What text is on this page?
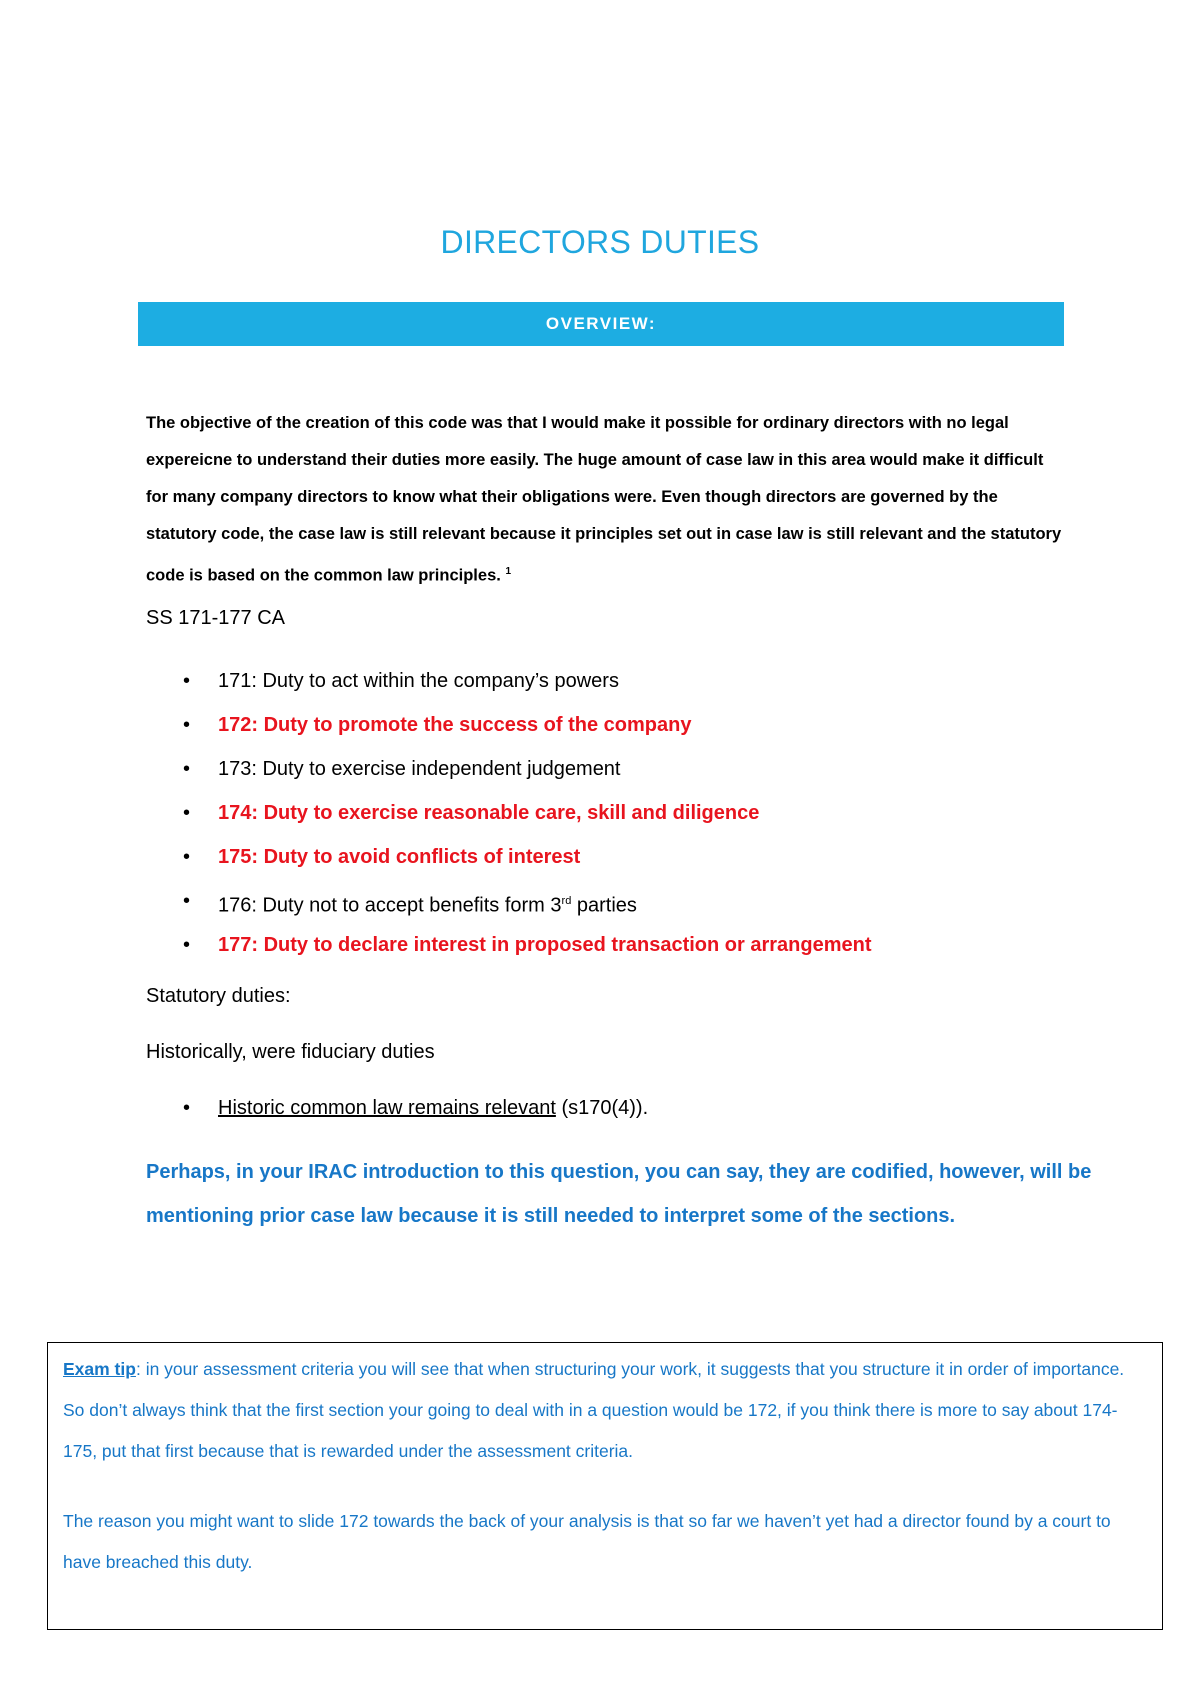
DIRECTORS DUTIES
OVERVIEW:

The objective of the creation of this code was that I would make it possible for ordinary directors with no legal expereicne to understand their duties more easily. The huge amount of case law in this area would make it difficult for many company directors to know what their obligations were. Even though directors are governed by the statutory code, the case law is still relevant because it principles set out in case law is still relevant and the statutory code is based on the common law principles. $^1$

SS 171-177 CA
• 171: Duty to act within the company’s powers
• 172: Duty to promote the success of the company
• 173: Duty to exercise independent judgement
• 174: Duty to exercise reasonable care, skill and diligence
• 175: Duty to avoid conflicts of interest
• 176: Duty not to accept benefits form 3rd parties
• 177: Duty to declare interest in proposed transaction or arrangement
Statutory duties:
Historically, were fiduciary duties
• Historic common law remains relevant (s170(4)).

Perhaps, in your IRAC introduction to this question, you can say, they are codified, however, will be mentioning prior case law because it is still needed to interpret some of the sections.

Exam tip: in your assessment criteria you will see that when structuring your work, it suggests that you structure it in order of importance. So don’t always think that the first section your going to deal with in a question would be 172, if you think there is more to say about 174-175, put that first because that is rewarded under the assessment criteria.

The reason you might want to slide 172 towards the back of your analysis is that so far we haven’t yet had a director found by a court to have breached this duty.
